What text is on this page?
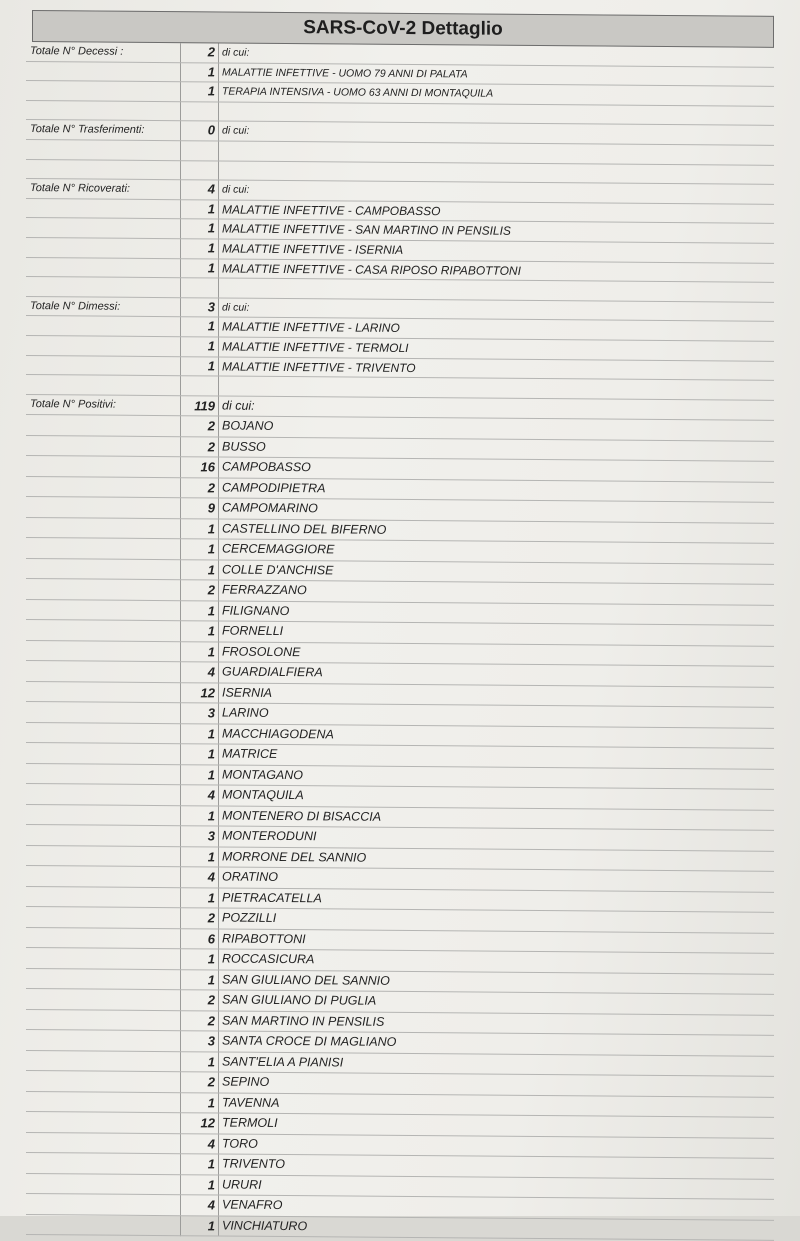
SARS-CoV-2 Dettaglio
Totale N° Decessi :	2	di cui:
	1	MALATTIE INFETTIVE - UOMO 79 ANNI DI PALATA
	1	TERAPIA INTENSIVA - UOMO 63 ANNI DI MONTAQUILA

Totale N° Trasferimenti:	0	di cui:

Totale N° Ricoverati:	4	di cui:
	1	MALATTIE INFETTIVE - CAMPOBASSO
	1	MALATTIE INFETTIVE - SAN MARTINO IN PENSILIS
	1	MALATTIE INFETTIVE - ISERNIA
	1	MALATTIE INFETTIVE - CASA RIPOSO RIPABOTTONI

Totale N° Dimessi:	3	di cui:
	1	MALATTIE INFETTIVE - LARINO
	1	MALATTIE INFETTIVE - TERMOLI
	1	MALATTIE INFETTIVE - TRIVENTO

Totale N° Positivi:	119	di cui:
	2	BOJANO
	2	BUSSO
	16	CAMPOBASSO
	2	CAMPODIPIETRA
	9	CAMPOMARINO
	1	CASTELLINO DEL BIFERNO
	1	CERCEMAGGIORE
	1	COLLE D'ANCHISE
	2	FERRAZZANO
	1	FILIGNANO
	1	FORNELLI
	1	FROSOLONE
	4	GUARDIALFIERA
	12	ISERNIA
	3	LARINO
	1	MACCHIAGODENA
	1	MATRICE
	1	MONTAGANO
	4	MONTAQUILA
	1	MONTENERO DI BISACCIA
	3	MONTERODUNI
	1	MORRONE DEL SANNIO
	4	ORATINO
	1	PIETRACATELLA
	2	POZZILLI
	6	RIPABOTTONI
	1	ROCCASICURA
	1	SAN GIULIANO DEL SANNIO
	2	SAN GIULIANO DI PUGLIA
	2	SAN MARTINO IN PENSILIS
	3	SANTA CROCE DI MAGLIANO
	1	SANT'ELIA A PIANISI
	2	SEPINO
	1	TAVENNA
	12	TERMOLI
	4	TORO
	1	TRIVENTO
	1	URURI
	4	VENAFRO
	1	VINCHIATURO
